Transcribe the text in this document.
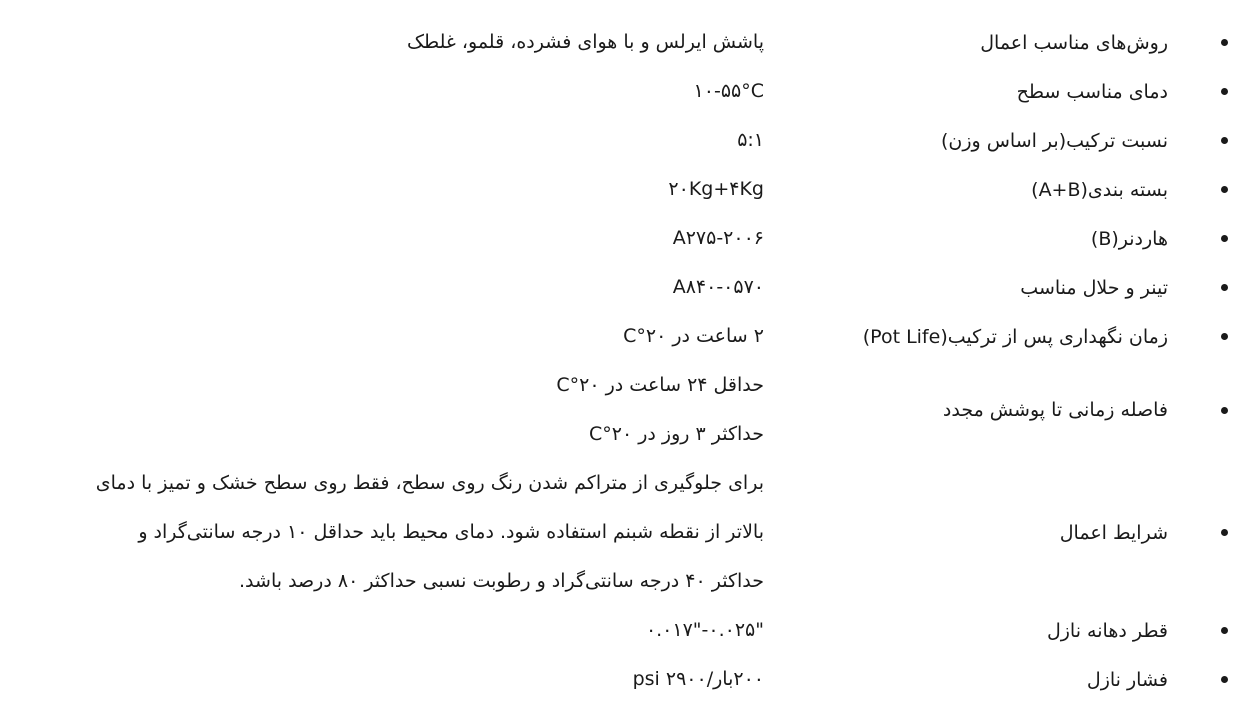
روش‌های مناسب اعمال
پاشش ایرلس و با هوای فشرده، قلمو، غلطک
دمای مناسب سطح
۱۰-۵۵°C
نسبت ترکیب(بر اساس وزن)
۵:۱
بسته بندی(A+B)
۲۰Kg+۴Kg
هاردنر(B)
A۲۷۵-۲۰۰۶
تینر و حلال مناسب
A۸۴۰-۰۵۷۰
زمان نگهداری پس از ترکیب(Pot Life)
۲ ساعت در ۲۰°C
فاصله زمانی تا پوشش مجدد
حداقل ۲۴ ساعت در ۲۰°C
حداکثر ۳ روز در ۲۰°C
شرایط اعمال
برای جلوگیری از متراکم شدن رنگ روی سطح، فقط روی سطح خشک و تمیز با دمای
بالاتر از نقطه شبنم استفاده شود. دمای محیط باید حداقل ۱۰ درجه سانتی‌گراد و
حداکثر ۴۰ درجه سانتی‌گراد و رطوبت نسبی حداکثر ۸۰ درصد باشد.
قطر دهانه نازل
۰.۰۱۷"-۰.۰۲۵"
فشار نازل
۲۰۰بار/۲۹۰۰ psi
